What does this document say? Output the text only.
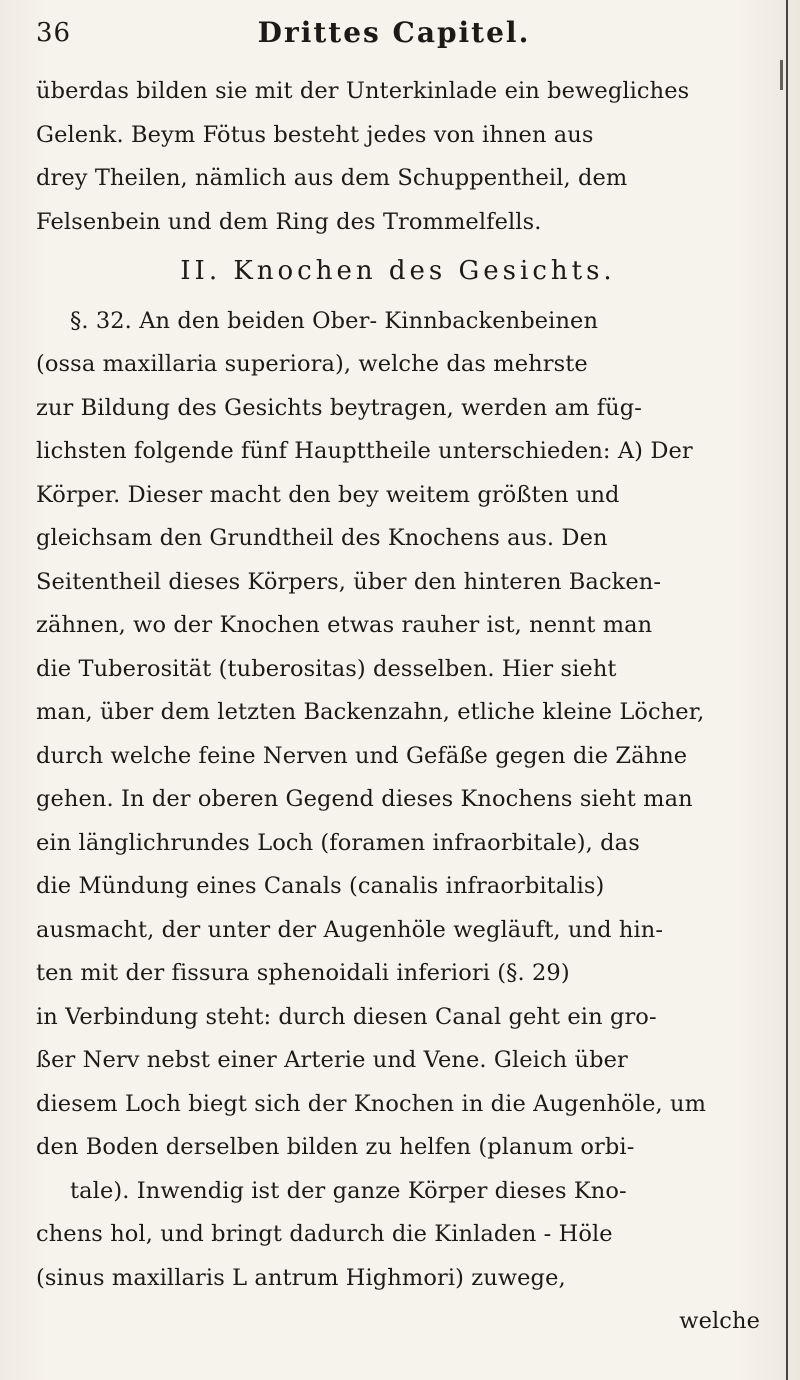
36	Drittes Capitel.
überdas bilden sie mit der Unterkinlade ein bewegliches
Gelenk. Beym Fötus besteht jedes von ihnen aus
drey Theilen, nämlich aus dem Schuppentheil, dem
Felsenbein und dem Ring des Trommelfells.
II. Knochen des Gesichts.
§. 32. An den beiden Ober- Kinnbackenbeinen
(ossa maxillaria superiora), welche das mehrste
zur Bildung des Gesichts beytragen, werden am füg-
lichsten folgende fünf Haupttheile unterschieden: A) Der
Körper. Dieser macht den bey weitem größten und
gleichsam den Grundtheil des Knochens aus. Den
Seitentheil dieses Körpers, über den hinteren Backen-
zähnen, wo der Knochen etwas rauher ist, nennt man
die Tuberosität (tuberositas) desselben. Hier sieht
man, über dem letzten Backenzahn, etliche kleine Löcher,
durch welche feine Nerven und Gefäße gegen die Zähne
gehen. In der oberen Gegend dieses Knochens sieht man
ein länglichrundes Loch (foramen infraorbitale), das
die Mündung eines Canals (canalis infraorbitalis)
ausmacht, der unter der Augenhöle wegläuft, und hin-
ten mit der fissura sphenoidali inferiori (§. 29)
in Verbindung steht: durch diesen Canal geht ein gro-
ßer Nerv nebst einer Arterie und Vene. Gleich über
diesem Loch biegt sich der Knochen in die Augenhöle, um
den Boden derselben bilden zu helfen (planum orbi-
tale). Inwendig ist der ganze Körper dieses Kno-
chens hol, und bringt dadurch die Kinladen - Höle
(sinus maxillaris L antrum Highmori) zuwege,
welche
